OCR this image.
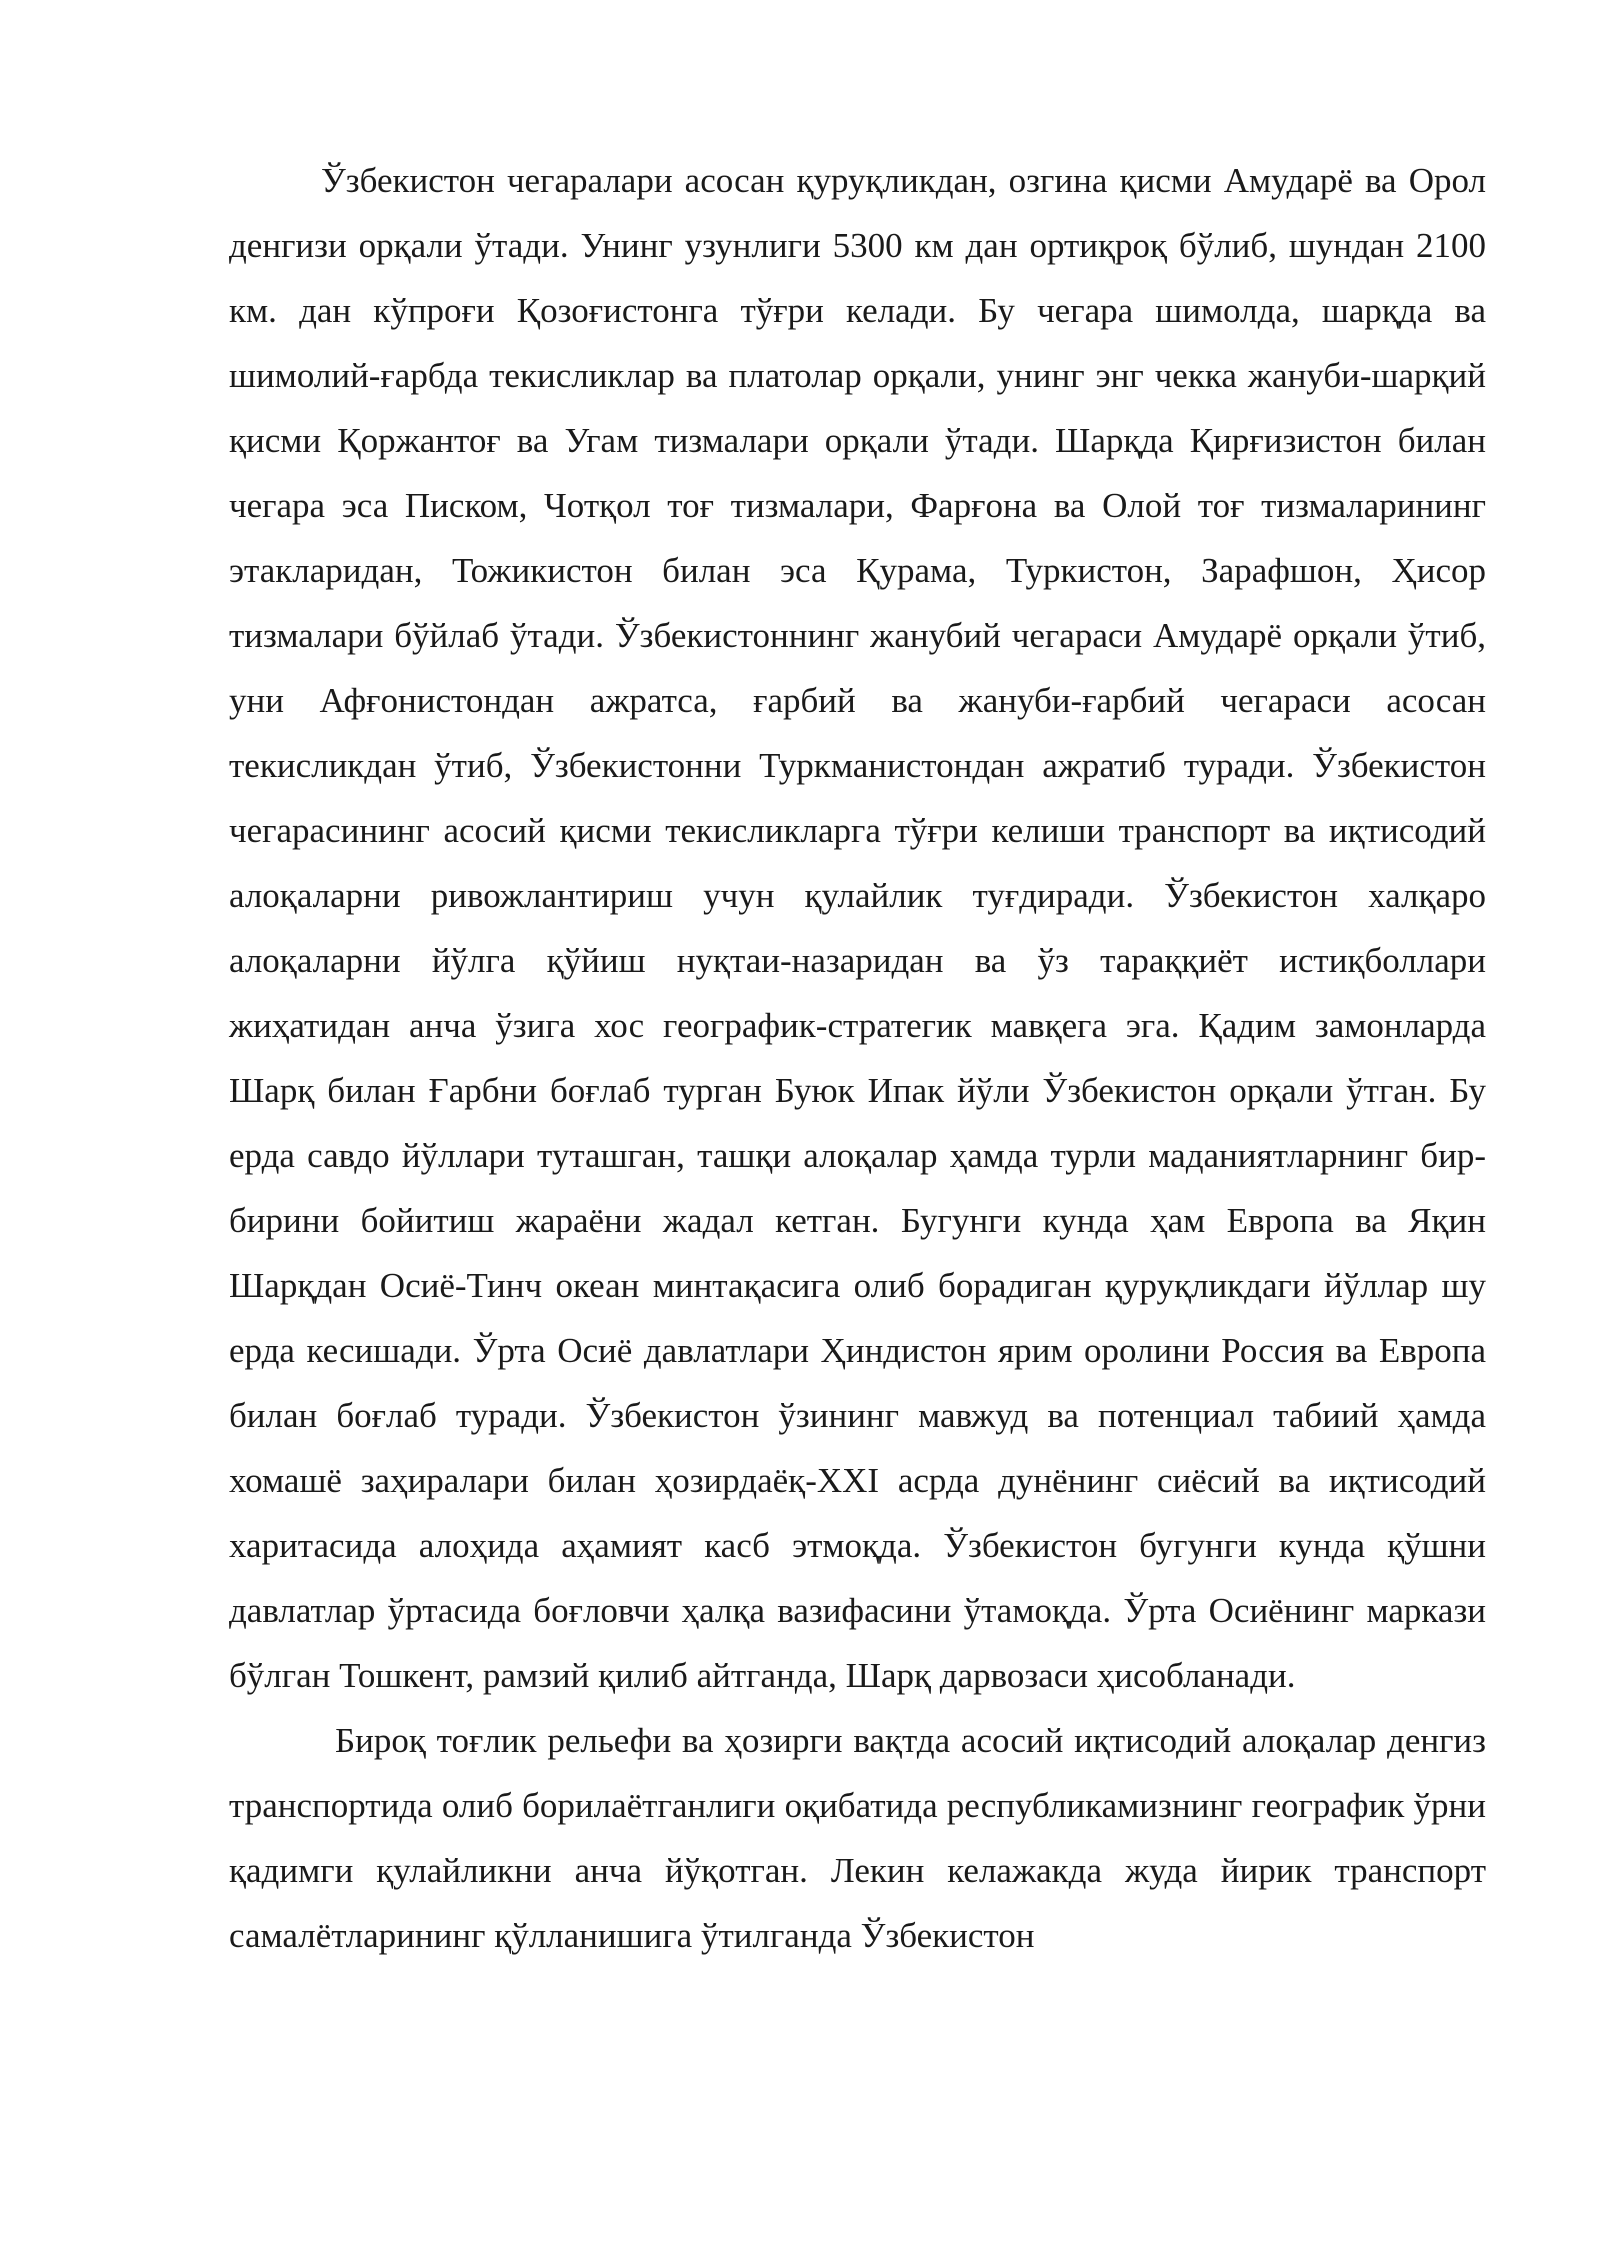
Ўзбекистон чегаралари асосан қуруқликдан, озгина қисми Амударё ва Орол денгизи орқали ўтади. Унинг узунлиги 5300 км дан ортиқроқ бўлиб, шундан 2100 км. дан кўпроғи Қозоғистонга тўғри келади. Бу чегара шимолда, шарқда ва шимолий-ғарбда текисликлар ва платолар орқали, унинг энг чекка жануби-шарқий қисми Қоржантоғ ва Угам тизмалари орқали ўтади. Шарқда Қирғизистон билан чегара эса Писком, Чотқол тоғ тизмалари, Фарғона ва Олой тоғ тизмаларининг этакларидан, Тожикистон билан эса Қурама, Туркистон, Зарафшон, Ҳисор тизмалари бўйлаб ўтади. Ўзбекистоннинг жанубий чегараси Амударё орқали ўтиб, уни Афғонистондан ажратса, ғарбий ва жануби-ғарбий чегараси асосан текисликдан ўтиб, Ўзбекистонни Туркманистондан ажратиб туради. Ўзбекистон чегарасининг асосий қисми текисликларга тўғри келиши транспорт ва иқтисодий алоқаларни ривожлантириш учун қулайлик туғдиради. Ўзбекистон халқаро алоқаларни йўлга қўйиш нуқтаи-назаридан ва ўз тараққиёт истиқболлари жиҳатидан анча ўзига хос географик-стратегик мавқега эга. Қадим замонларда Шарқ билан Ғарбни боғлаб турган Буюк Ипак йўли Ўзбекистон орқали ўтган. Бу ерда савдо йўллари туташган, ташқи алоқалар ҳамда турли маданиятларнинг бир-бирини бойитиш жараёни жадал кетган. Бугунги кунда ҳам Европа ва Яқин Шарқдан Осиё-Тинч океан минтақасига олиб борадиган қуруқликдаги йўллар шу ерда кесишади. Ўрта Осиё давлатлари Ҳиндистон ярим оролини Россия ва Европа билан боғлаб туради. Ўзбекистон ўзининг мавжуд ва потенциал табиий ҳамда хомашё заҳиралари билан ҳозирдаёқ-XXI асрда дунёнинг сиёсий ва иқтисодий харитасида алоҳида аҳамият касб этмоқда. Ўзбекистон бугунги кунда қўшни давлатлар ўртасида боғловчи ҳалқа вазифасини ўтамоқда. Ўрта Осиёнинг маркази бўлган Тошкент, рамзий қилиб айтганда, Шарқ дарвозаси ҳисобланади.

Бироқ тоғлик рельефи ва ҳозирги вақтда асосий иқтисодий алоқалар денгиз транспортида олиб борилаётганлиги оқибатида республикамизнинг географик ўрни қадимги қулайликни анча йўқотган. Лекин келажакда жуда йирик транспорт самалётларининг қўлланишига ўтилганда Ўзбекистон
